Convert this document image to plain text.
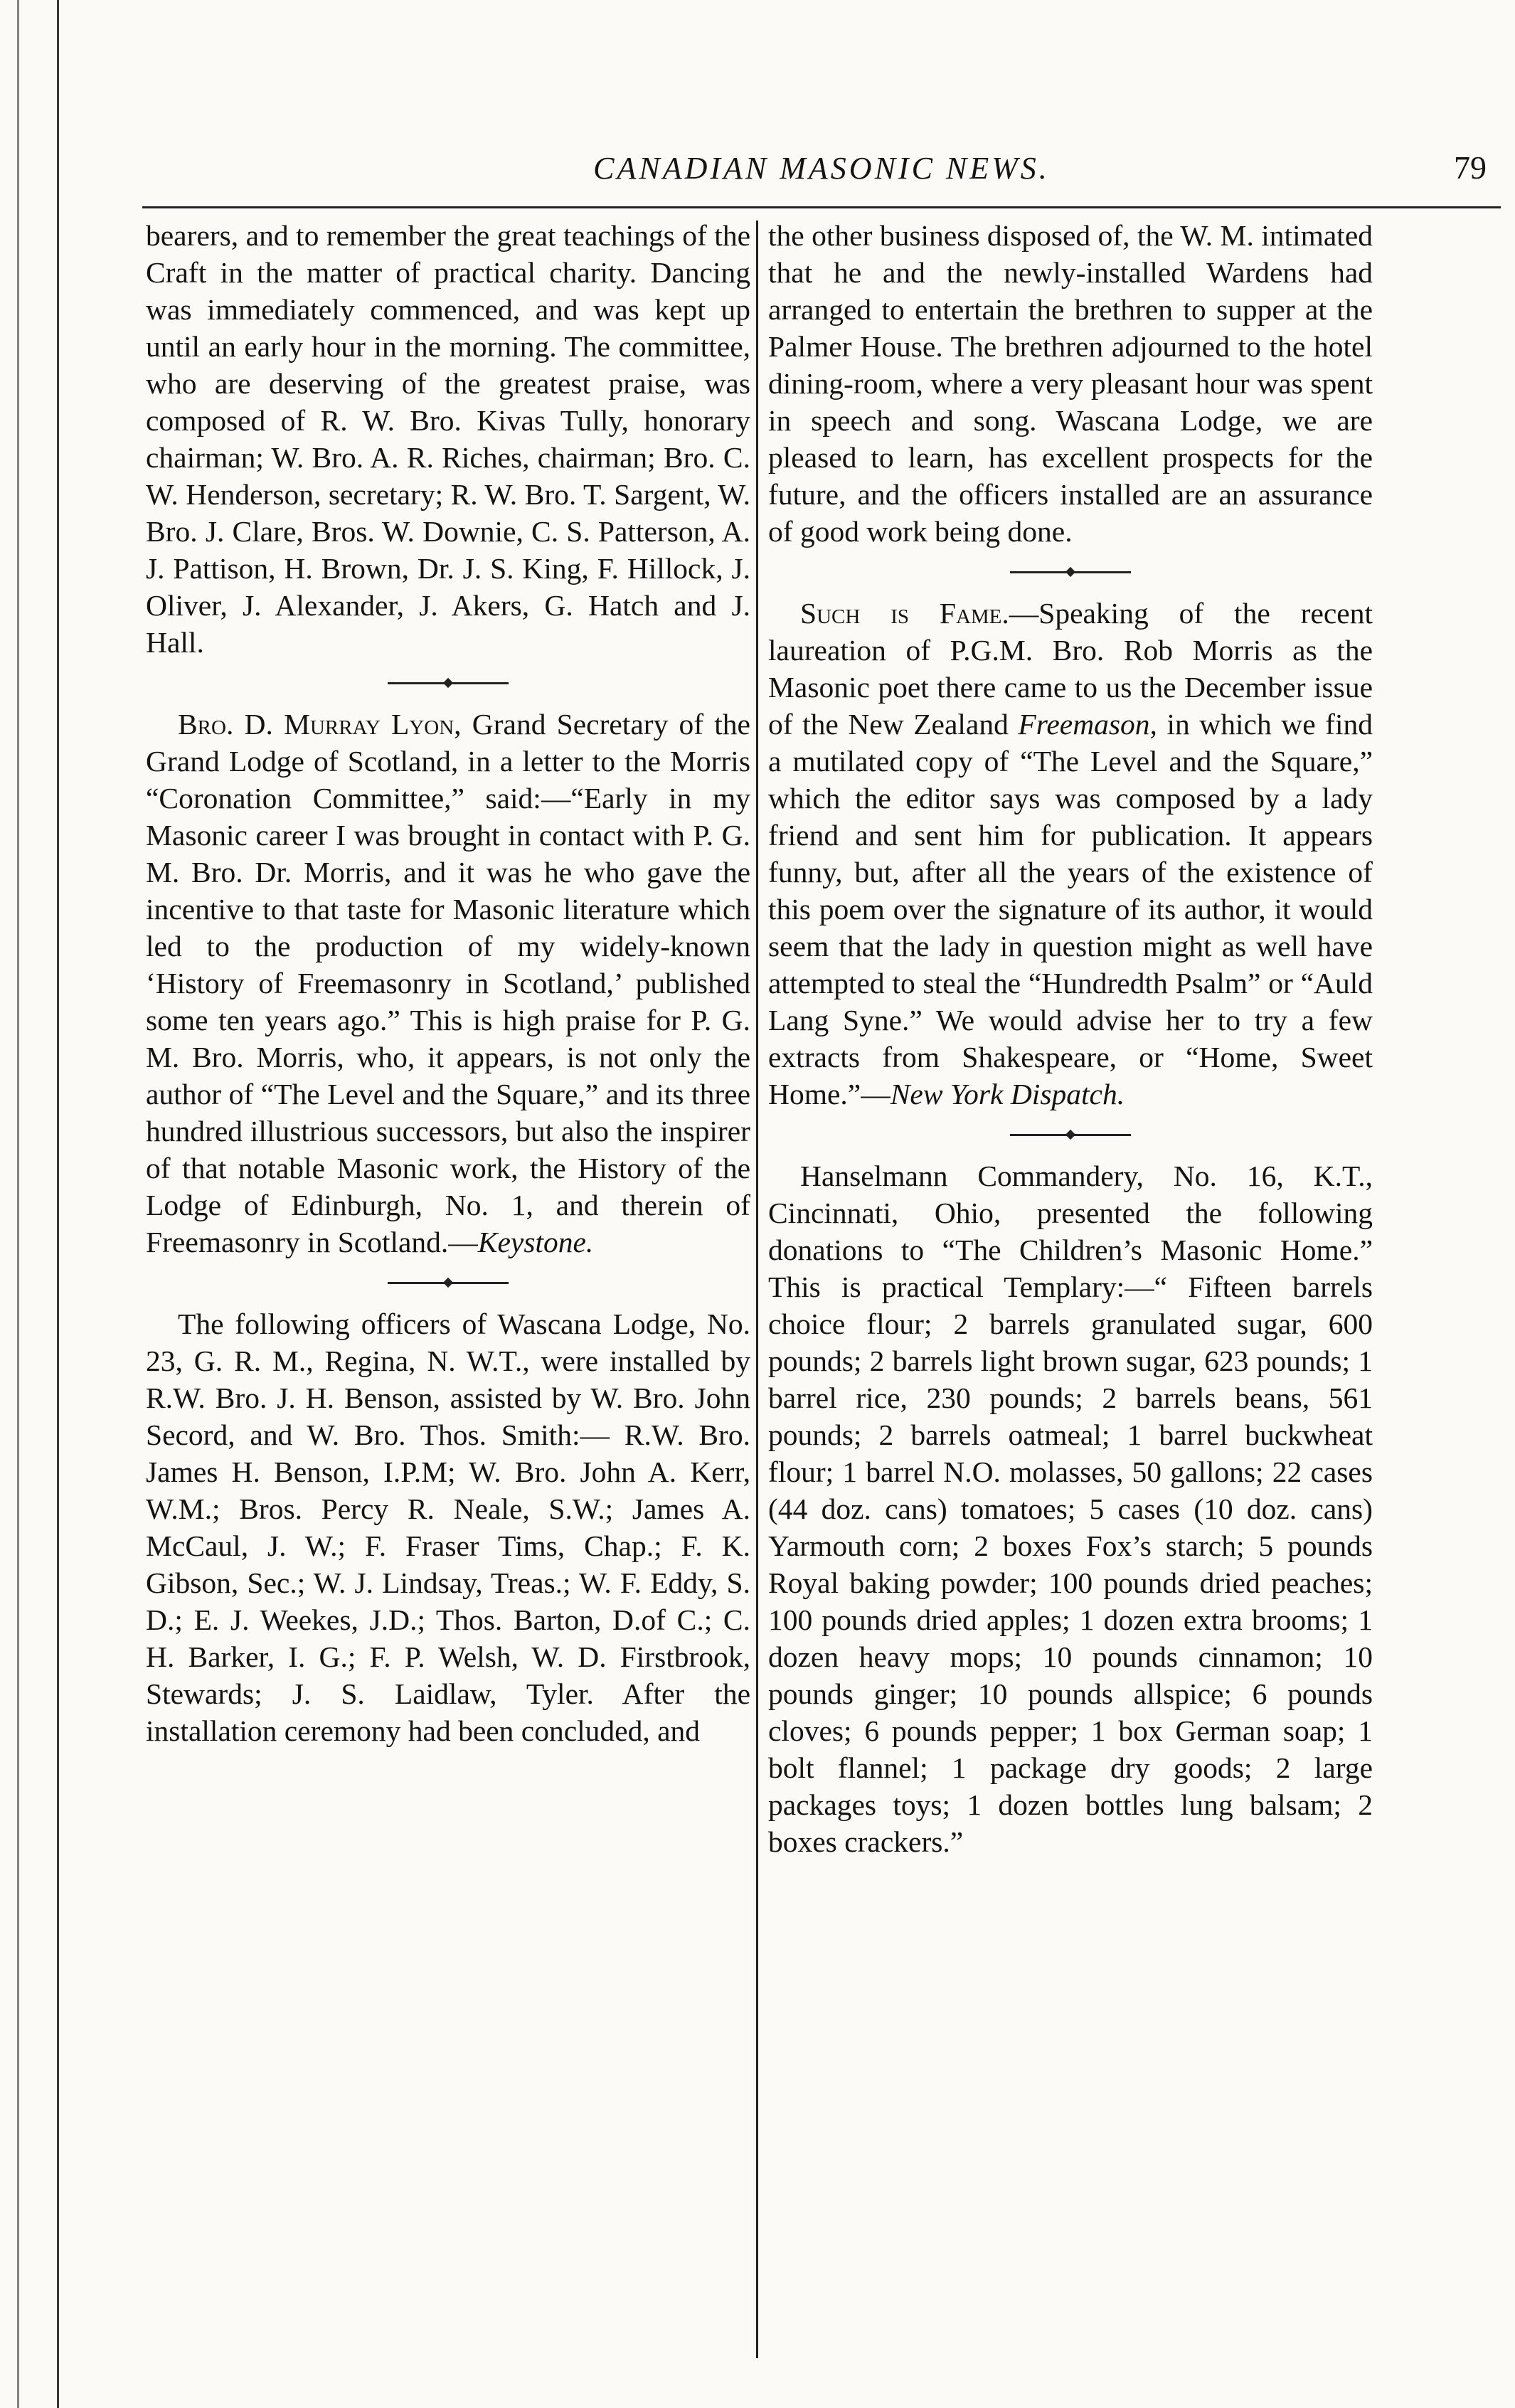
CANADIAN MASONIC NEWS.	79

bearers, and to remember the great teachings of the Craft in the matter of practical charity. Dancing was immediately commenced, and was kept up until an early hour in the morning. The committee, who are deserving of the greatest praise, was composed of R. W. Bro. Kivas Tully, honorary chairman; W. Bro. A. R. Riches, chairman; Bro. C. W. Henderson, secretary; R. W. Bro. T. Sargent, W. Bro. J. Clare, Bros. W. Downie, C. S. Patterson, A. J. Pattison, H. Brown, Dr. J. S. King, F. Hillock, J. Oliver, J. Alexander, J. Akers, G. Hatch and J. Hall.

Bro. D. Murray Lyon, Grand Secretary of the Grand Lodge of Scotland, in a letter to the Morris “Coronation Committee,” said:—“Early in my Masonic career I was brought in contact with P. G. M. Bro. Dr. Morris, and it was he who gave the incentive to that taste for Masonic literature which led to the production of my widely-known ‘History of Freemasonry in Scotland,’ published some ten years ago.” This is high praise for P. G. M. Bro. Morris, who, it appears, is not only the author of “The Level and the Square,” and its three hundred illustrious successors, but also the inspirer of that notable Masonic work, the History of the Lodge of Edinburgh, No. 1, and therein of Freemasonry in Scotland.—Keystone.

The following officers of Wascana Lodge, No. 23, G. R. M., Regina, N. W.T., were installed by R.W. Bro. J. H. Benson, assisted by W. Bro. John Secord, and W. Bro. Thos. Smith:— R.W. Bro. James H. Benson, I.P.M; W. Bro. John A. Kerr, W.M.; Bros. Percy R. Neale, S.W.; James A. McCaul, J. W.; F. Fraser Tims, Chap.; F. K. Gibson, Sec.; W. J. Lindsay, Treas.; W. F. Eddy, S. D.; E. J. Weekes, J.D.; Thos. Barton, D.of C.; C. H. Barker, I. G.; F. P. Welsh, W. D. Firstbrook, Stewards; J. S. Laidlaw, Tyler. After the installation ceremony had been concluded, and

the other business disposed of, the W. M. intimated that he and the newly-installed Wardens had arranged to entertain the brethren to supper at the Palmer House. The brethren adjourned to the hotel dining-room, where a very pleasant hour was spent in speech and song. Wascana Lodge, we are pleased to learn, has excellent prospects for the future, and the officers installed are an assurance of good work being done.

Such is Fame.—Speaking of the recent laureation of P.G.M. Bro. Rob Morris as the Masonic poet there came to us the December issue of the New Zealand Freemason, in which we find a mutilated copy of “The Level and the Square,” which the editor says was composed by a lady friend and sent him for publication. It appears funny, but, after all the years of the existence of this poem over the signature of its author, it would seem that the lady in question might as well have attempted to steal the “Hundredth Psalm” or “Auld Lang Syne.” We would advise her to try a few extracts from Shakespeare, or “Home, Sweet Home.”—New York Dispatch.

Hanselmann Commandery, No. 16, K.T., Cincinnati, Ohio, presented the following donations to “The Children’s Masonic Home.” This is practical Templary:—“ Fifteen barrels choice flour; 2 barrels granulated sugar, 600 pounds; 2 barrels light brown sugar, 623 pounds; 1 barrel rice, 230 pounds; 2 barrels beans, 561 pounds; 2 barrels oatmeal; 1 barrel buckwheat flour; 1 barrel N.O. molasses, 50 gallons; 22 cases (44 doz. cans) tomatoes; 5 cases (10 doz. cans) Yarmouth corn; 2 boxes Fox’s starch; 5 pounds Royal baking powder; 100 pounds dried peaches; 100 pounds dried apples; 1 dozen extra brooms; 1 dozen heavy mops; 10 pounds cinnamon; 10 pounds ginger; 10 pounds allspice; 6 pounds cloves; 6 pounds pepper; 1 box German soap; 1 bolt flannel; 1 package dry goods; 2 large packages toys; 1 dozen bottles lung balsam; 2 boxes crackers.”
